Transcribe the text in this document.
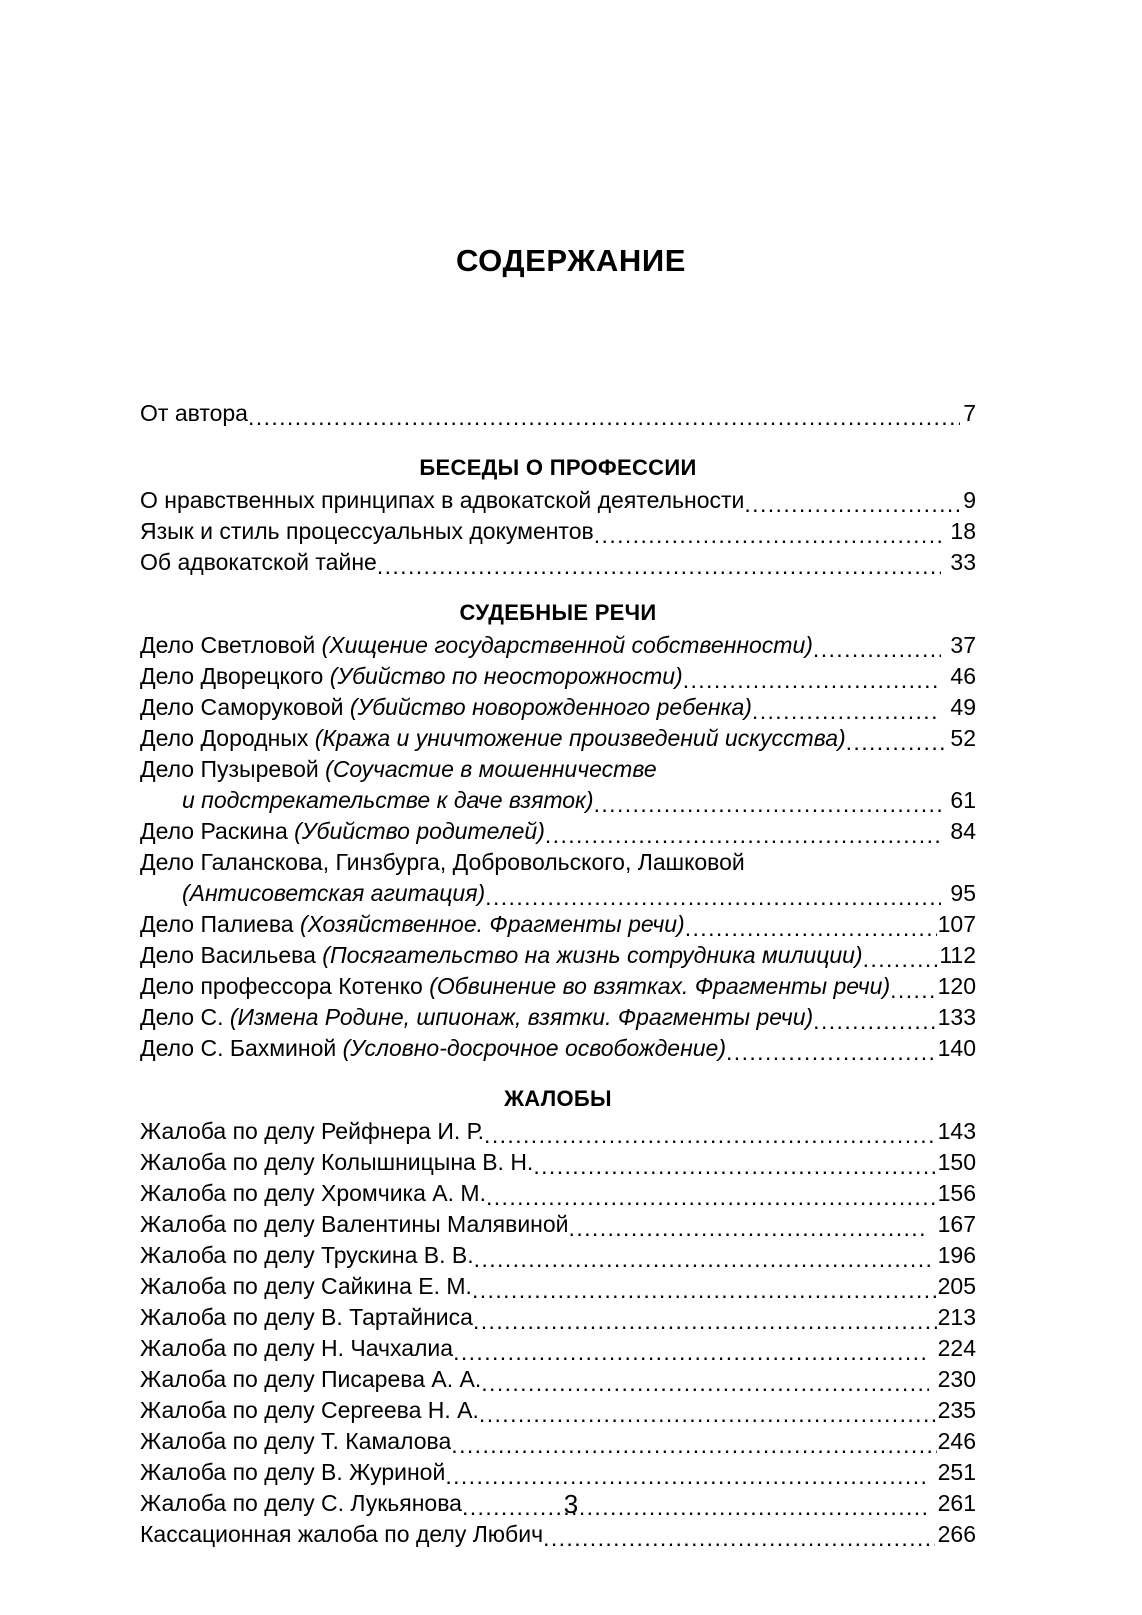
СОДЕРЖАНИЕ
От автора .....	7
БЕСЕДЫ О ПРОФЕССИИ
О нравственных принципах в адвокатской деятельности .....	9
Язык и стиль процессуальных документов .....	18
Об адвокатской тайне .....	33
СУДЕБНЫЕ РЕЧИ
Дело Светловой (Хищение государственной собственности) .....	37
Дело Дворецкого (Убийство по неосторожности) .....	46
Дело Саморуковой (Убийство новорожденного ребенка) .....	49
Дело Дородных (Кража и уничтожение произведений искусства) .....	52
Дело Пузыревой (Соучастие в мошенничестве
и подстрекательстве к даче взяток) .....	61
Дело Раскина (Убийство родителей) .....	84
Дело Галанскова, Гинзбурга, Добровольского, Лашковой
(Антисоветская агитация) .....	95
Дело Палиева (Хозяйственное. Фрагменты речи) .....	107
Дело Васильева (Посягательство на жизнь сотрудника милиции) .....	112
Дело профессора Котенко (Обвинение во взятках. Фрагменты речи) ..... 120
Дело С. (Измена Родине, шпионаж, взятки. Фрагменты речи) .....	133
Дело С. Бахминой (Условно-досрочное освобождение) .....	140
ЖАЛОБЫ
Жалоба по делу Рейфнера И. Р. .....	143
Жалоба по делу Колышницына В. Н. .....	150
Жалоба по делу Хромчика А. М. .....	156
Жалоба по делу Валентины Малявиной .....	167
Жалоба по делу Трускина В. В. .....	196
Жалоба по делу Сайкина Е. М. .....	205
Жалоба по делу В. Тартайниса .....	213
Жалоба по делу Н. Чачхалиа .....	224
Жалоба по делу Писарева А. А. .....	230
Жалоба по делу Сергеева Н. А. .....	235
Жалоба по делу Т. Камалова .....	246
Жалоба по делу В. Журиной .....	251
Жалоба по делу С. Лукьянова .....	261
Кассационная жалоба по делу Любич .....	266
3
